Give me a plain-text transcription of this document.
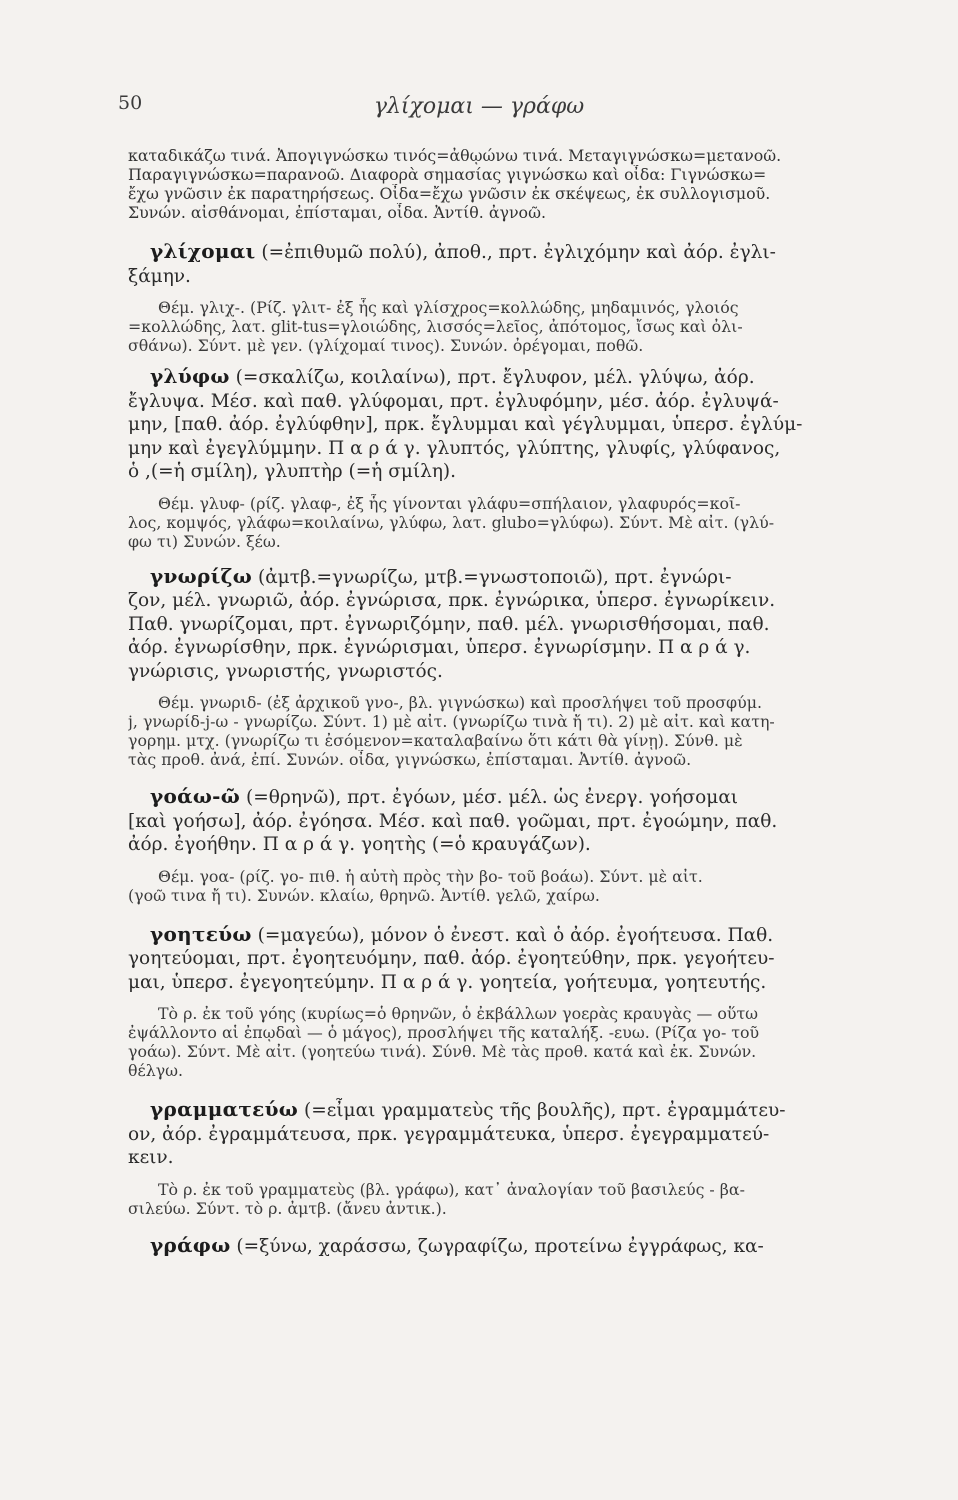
50	γλίχομαι — γράφω
καταδικάζω τινά. Ἀπογιγνώσκω τινός=ἀθῳώνω τινά. Μεταγιγνώσκω=μετανοῶ.
Παραγιγνώσκω=παρανοῶ. Διαφορὰ σημασίας γιγνώσκω καὶ οἶδα: Γιγνώσκω=
ἔχω γνῶσιν ἐκ παρατηρήσεως. Οἶδα=ἔχω γνῶσιν ἐκ σκέψεως, ἐκ συλλογισμοῦ.
Συνών. αἰσθάνομαι, ἐπίσταμαι, οἶδα. Ἀντίθ. ἀγνοῶ.
γλίχομαι (=ἐπιθυμῶ πολύ), ἀποθ., πρτ. ἐγλιχόμην καὶ ἀόρ. ἐγλι-
ξάμην.
Θέμ. γλιχ-. (Ρίζ. γλιτ- ἐξ ἧς καὶ γλίσχρος=κολλώδης, μηδαμινός, γλοιός
=κολλώδης, λατ. glit-tus=γλοιώδης, λισσός=λεῖος, ἀπότομος, ἴσως καὶ ὀλι-
σθάνω). Σύντ. μὲ γεν. (γλίχομαί τινος). Συνών. ὀρέγομαι, ποθῶ.
γλύφω (=σκαλίζω, κοιλαίνω), πρτ. ἔγλυφον, μέλ. γλύψω, ἀόρ.
ἔγλυψα. Μέσ. καὶ παθ. γλύφομαι, πρτ. ἐγλυφόμην, μέσ. ἀόρ. ἐγλυψά-
μην, [παθ. ἀόρ. ἐγλύφθην], πρκ. ἔγλυμμαι καὶ γέγλυμμαι, ὑπερσ. ἐγλύμ-
μην καὶ ἐγεγλύμμην. Π α ρ ά γ. γλυπτός, γλύπτης, γλυφίς, γλύφανος,
ὁ ,(=ἡ σμίλη), γλυπτὴρ (=ἡ σμίλη).
Θέμ. γλυφ- (ρίζ. γλαφ-, ἐξ ἧς γίνονται γλάφυ=σπήλαιον, γλαφυρός=κοῖ-
λος, κομψός, γλάφω=κοιλαίνω, γλύφω, λατ. glubo=γλύφω). Σύντ. Μὲ αἰτ. (γλύ-
φω τι) Συνών. ξέω.
γνωρίζω (ἀμτβ.=γνωρίζω, μτβ.=γνωστοποιῶ), πρτ. ἐγνώρι-
ζον, μέλ. γνωριῶ, ἀόρ. ἐγνώρισα, πρκ. ἐγνώρικα, ὑπερσ. ἐγνωρίκειν.
Παθ. γνωρίζομαι, πρτ. ἐγνωριζόμην, παθ. μέλ. γνωρισθήσομαι, παθ.
ἀόρ. ἐγνωρίσθην, πρκ. ἐγνώρισμαι, ὑπερσ. ἐγνωρίσμην. Π α ρ ά γ.
γνώρισις, γνωριστής, γνωριστός.
Θέμ. γνωριδ- (ἐξ ἀρχικοῦ γνο-, βλ. γιγνώσκω) καὶ προσλήψει τοῦ προσφύμ.
j, γνωρίδ-j-ω - γνωρίζω. Σύντ. 1) μὲ αἰτ. (γνωρίζω τινὰ ἤ τι). 2) μὲ αἰτ. καὶ κατη-
γορημ. μτχ. (γνωρίζω τι ἐσόμενον=καταλαβαίνω ὅτι κάτι θὰ γίνῃ). Σύνθ. μὲ
τὰς προθ. ἀνά, ἐπί. Συνών. οἶδα, γιγνώσκω, ἐπίσταμαι. Ἀντίθ. ἀγνοῶ.
γοάω-ῶ (=θρηνῶ), πρτ. ἐγόων, μέσ. μέλ. ὡς ἐνεργ. γοήσομαι
[καὶ γοήσω], ἀόρ. ἐγόησα. Μέσ. καὶ παθ. γοῶμαι, πρτ. ἐγοώμην, παθ.
ἀόρ. ἐγοήθην. Π α ρ ά γ. γοητὴς (=ὁ κραυγάζων).
Θέμ. γοα- (ρίζ. γο- πιθ. ἡ αὐτὴ πρὸς τὴν βο- τοῦ βοάω). Σύντ. μὲ αἰτ.
(γοῶ τινα ἤ τι). Συνών. κλαίω, θρηνῶ. Ἀντίθ. γελῶ, χαίρω.
γοητεύω (=μαγεύω), μόνον ὁ ἐνεστ. καὶ ὁ ἀόρ. ἐγοήτευσα. Παθ.
γοητεύομαι, πρτ. ἐγοητευόμην, παθ. ἀόρ. ἐγοητεύθην, πρκ. γεγοήτευ-
μαι, ὑπερσ. ἐγεγοητεύμην. Π α ρ ά γ. γοητεία, γοήτευμα, γοητευτής.
Τὸ ρ. ἐκ τοῦ γόης (κυρίως=ὁ θρηνῶν, ὁ ἐκβάλλων γοερὰς κραυγὰς — οὕτω
ἐψάλλοντο αἱ ἐπῳδαὶ — ὁ μάγος), προσλήψει τῆς καταλήξ. -ευω. (Ρίζα γο- τοῦ
γοάω). Σύντ. Μὲ αἰτ. (γοητεύω τινά). Σύνθ. Μὲ τὰς προθ. κατά καὶ ἐκ. Συνών.
θέλγω.
γραμματεύω (=εἶμαι γραμματεὺς τῆς βουλῆς), πρτ. ἐγραμμάτευ-
ον, ἀόρ. ἐγραμμάτευσα, πρκ. γεγραμμάτευκα, ὑπερσ. ἐγεγραμματεύ-
κειν.
Τὸ ρ. ἐκ τοῦ γραμματεὺς (βλ. γράφω), κατ᾽ ἀναλογίαν τοῦ βασιλεύς - βα-
σιλεύω. Σύντ. τὸ ρ. ἀμτβ. (ἄνευ ἀντικ.).
γράφω (=ξύνω, χαράσσω, ζωγραφίζω, προτείνω ἐγγράφως, κα-
